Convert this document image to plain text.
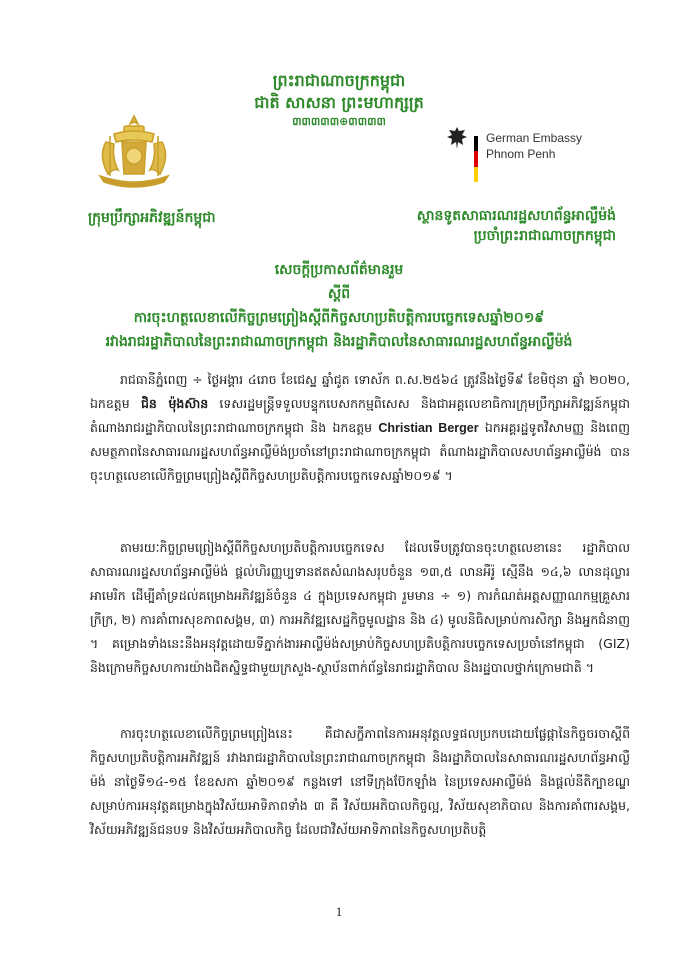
ព្រះរាជាណាចក្រកម្ពុជា
ជាតិ សាសនា ព្រះមហាក្សត្រ
៣៣៣៣៣⊕៣៣៣៣
German Embassy
Phnom Penh
ក្រុមប្រឹក្សាអភិវឌ្ឍន៍កម្ពុជា	ស្ថានទូតសាធារណរដ្ឋសហព័ន្ធអាល្លឺម៉ង់
ប្រចាំព្រះរាជាណាចក្រកម្ពុជា
សេចក្តីប្រកាសព័ត៌មានរួម
ស្តីពី
ការចុះហត្ថលេខាលើកិច្ចព្រមព្រៀងស្តីពីកិច្ចសហប្រតិបត្តិការបច្ចេកទេសឆ្នាំ២០១៩
រវាងរាជរដ្ឋាភិបាលនៃព្រះរាជាណាចក្រកម្ពុជា និងរដ្ឋាភិបាលនៃសាធារណរដ្ឋសហព័ន្ធអាល្លឺម៉ង់
រាជធានីភ្នំពេញ ÷ ថ្ងៃអង្គារ ៤រោច ខែជេស្ឋ ឆ្នាំជូត ទោស័ក ព.ស.២៥៦៤ ត្រូវនឹងថ្ងៃទី៩ ខែមិថុនា ឆ្នាំ ២០២០, ឯកឧត្តម ជិន ម៉ុងស៊ាន ទេសរដ្ឋមន្ត្រីទទួលបន្ទុកបេសកកម្មពិសេស និងជាអគ្គលេខាធិការក្រុមប្រឹក្សាអភិវឌ្ឍន៍កម្ពុជា តំណាងរាជរដ្ឋាភិបាលនៃព្រះរាជាណាចក្រកម្ពុជា និង ឯកឧត្តម Christian Berger ឯកអគ្គរដ្ឋទូតវិសាមញ្ញ និងពេញសមត្ថភាពនៃសាធារណរដ្ឋសហព័ន្ធអាល្លឺម៉ង់ប្រចាំនៅព្រះរាជាណាចក្រកម្ពុជា តំណាងរដ្ឋាភិបាលសហព័ន្ធអាល្លឺម៉ង់ បានចុះហត្ថលេខាលើកិច្ចព្រមព្រៀងស្តីពីកិច្ចសហប្រតិបត្តិការបច្ចេកទេសឆ្នាំ២០១៩ ។
តាមរយៈកិច្ចព្រមព្រៀងស្តីពីកិច្ចសហប្រតិបត្តិការបច្ចេកទេស ដែលទើបត្រូវបានចុះហត្ថលេខានេះ រដ្ឋាភិបាលសាធារណរដ្ឋសហព័ន្ធអាល្លឺម៉ង់ ផ្តល់ហិរញ្ញប្បទានឥតសំណងសរុបចំនួន ១៣,៥ លានអឺរ៉ូ ស្មើនឹង ១៤,៦ លានដុល្លារអាមេរិក ដើម្បីគាំទ្រដល់គម្រោងអភិវឌ្ឍន៍ចំនួន ៤ ក្នុងប្រទេសកម្ពុជា រួមមាន ÷ ១) ការកំណត់អត្តសញ្ញាណកម្មគ្រួសារក្រីក្រ, ២) ការគាំពារសុខភាពសង្គម, ៣) ការអភិវឌ្ឍសេដ្ឋកិច្ចមូលដ្ឋាន និង ៤) មូលនិធិសម្រាប់ការសិក្សា និងអ្នកជំនាញ ។ គម្រោងទាំងនេះនឹងអនុវត្តដោយទីភ្នាក់ងារអាល្លឺម៉ង់សម្រាប់កិច្ចសហប្រតិបត្តិការបច្ចេកទេសប្រចាំនៅកម្ពុជា (GIZ) និងក្រោមកិច្ចសហការយ៉ាងជិតស្និទ្ធជាមួយក្រសួង-ស្ថាប័នពាក់ព័ន្ធនៃរាជរដ្ឋាភិបាល និងរដ្ឋបាលថ្នាក់ក្រោមជាតិ ។
ការចុះហត្ថលេខាលើកិច្ចព្រមព្រៀងនេះ គឺជាសក្ខីភាពនៃការអនុវត្តលទ្ធផលប្រកបដោយផ្លែផ្កានៃកិច្ចចរចាស្តីពីកិច្ចសហប្រតិបត្តិការអភិវឌ្ឍន៍ រវាងរាជរដ្ឋាភិបាលនៃព្រះរាជាណាចក្រកម្ពុជា និងរដ្ឋាភិបាលនៃសាធារណរដ្ឋសហព័ន្ធអាល្លឺម៉ង់ នាថ្ងៃទី១៤-១៥ ខែឧសភា ឆ្នាំ២០១៩ កន្លងទៅ នៅទីក្រុងប៊ែកឡាំង នៃប្រទេសអាល្លឺម៉ង់ និងផ្តល់នីតិក្បាខណ្ឌសម្រាប់ការអនុវត្តគម្រោងក្នុងវិស័យអាទិភាពទាំង ៣ គឺ វិស័យអភិបាលកិច្ចល្អ, វិស័យសុខាភិបាល និងការគាំពារសង្គម, វិស័យអភិវឌ្ឍន៍ជនបទ និងវិស័យអភិបាលកិច្ច ដែលជាវិស័យអាទិភាពនៃកិច្ចសហប្រតិបត្តិ
1
